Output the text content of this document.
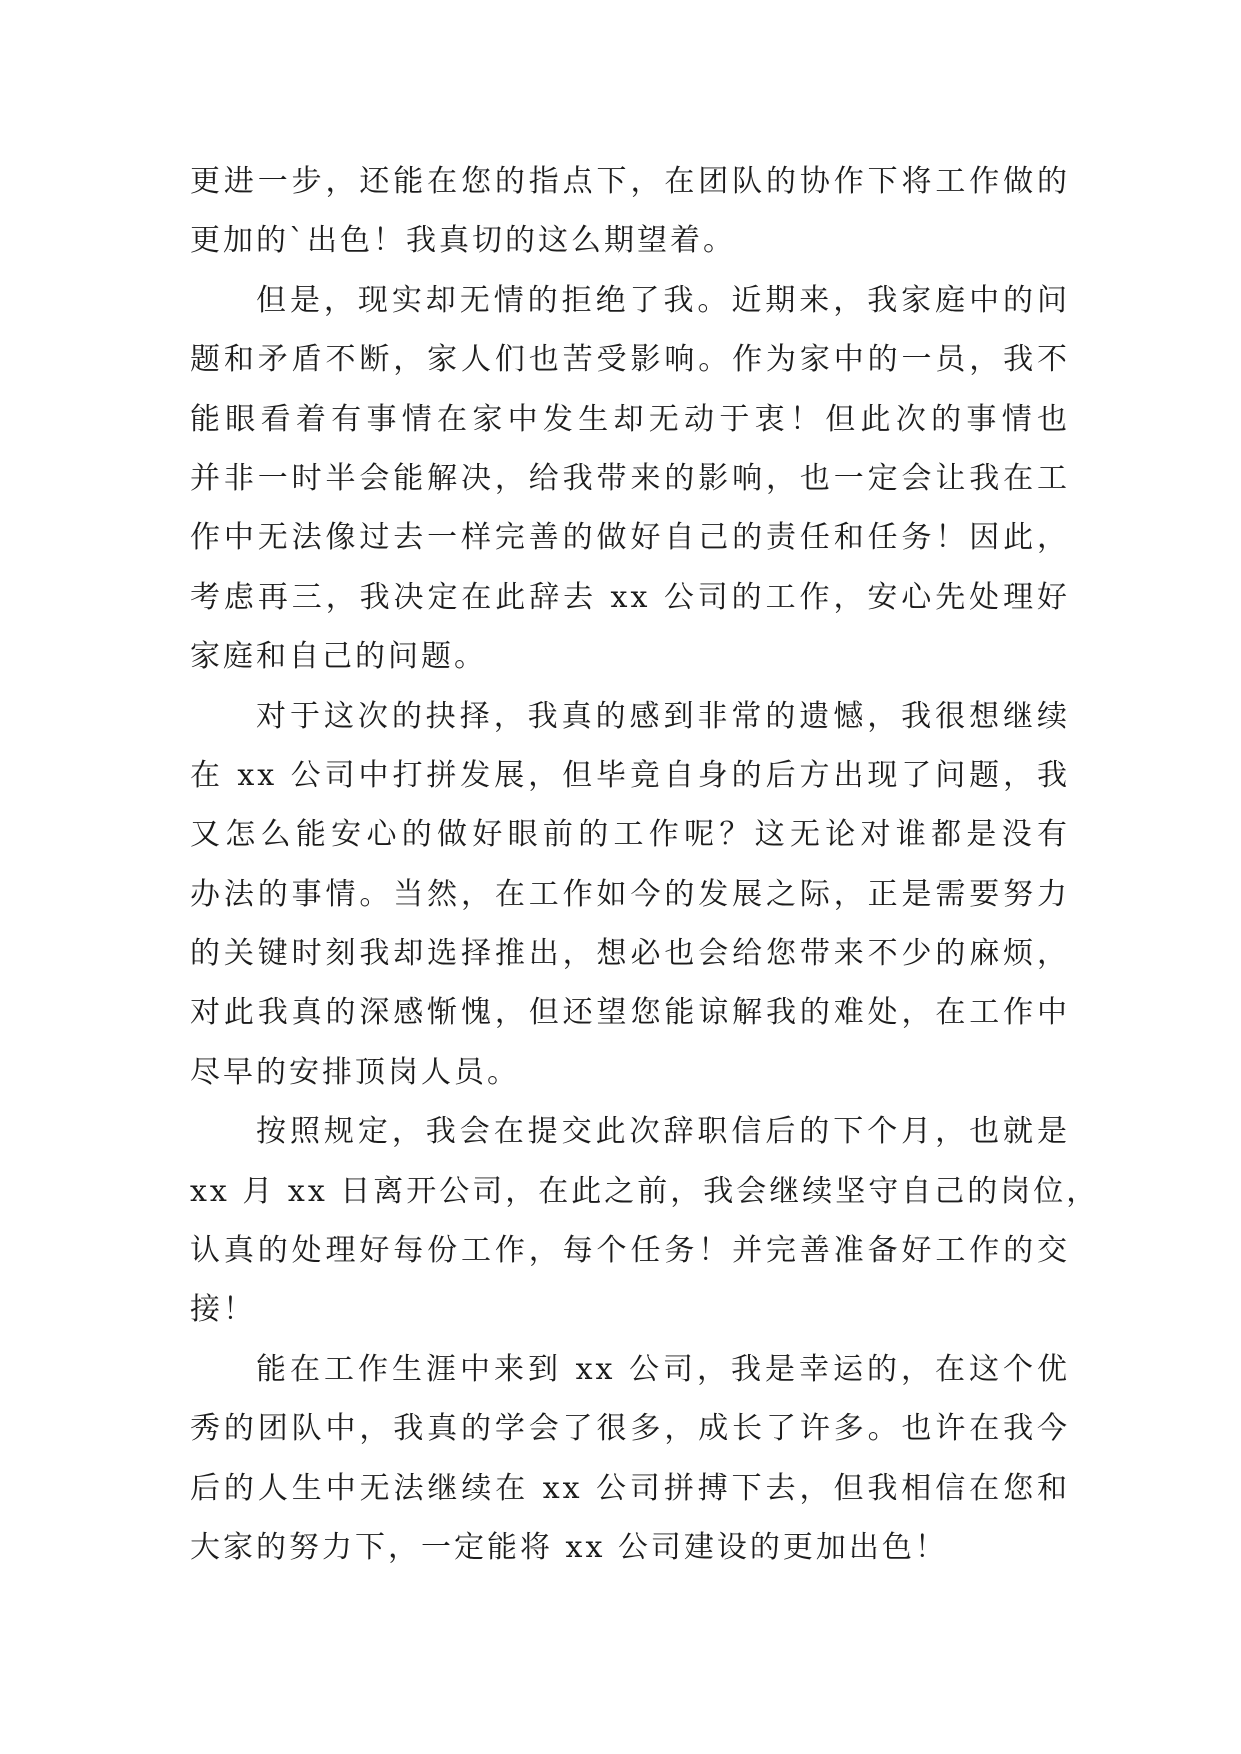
更进一步，还能在您的指点下，在团队的协作下将工作做的
更加的`出色！我真切的这么期望着。
但是，现实却无情的拒绝了我。近期来，我家庭中的问
题和矛盾不断，家人们也苦受影响。作为家中的一员，我不
能眼看着有事情在家中发生却无动于衷！但此次的事情也
并非一时半会能解决，给我带来的影响，也一定会让我在工
作中无法像过去一样完善的做好自己的责任和任务！因此，
考虑再三，我决定在此辞去 xx 公司的工作，安心先处理好
家庭和自己的问题。
对于这次的抉择，我真的感到非常的遗憾，我很想继续
在 xx 公司中打拼发展，但毕竟自身的后方出现了问题，我
又怎么能安心的做好眼前的工作呢？这无论对谁都是没有
办法的事情。当然，在工作如今的发展之际，正是需要努力
的关键时刻我却选择推出，想必也会给您带来不少的麻烦，
对此我真的深感惭愧，但还望您能谅解我的难处，在工作中
尽早的安排顶岗人员。
按照规定，我会在提交此次辞职信后的下个月，也就是
xx 月 xx 日离开公司，在此之前，我会继续坚守自己的岗位，
认真的处理好每份工作，每个任务！并完善准备好工作的交
接！
能在工作生涯中来到 xx 公司，我是幸运的，在这个优
秀的团队中，我真的学会了很多，成长了许多。也许在我今
后的人生中无法继续在 xx 公司拼搏下去，但我相信在您和
大家的努力下，一定能将 xx 公司建设的更加出色！
